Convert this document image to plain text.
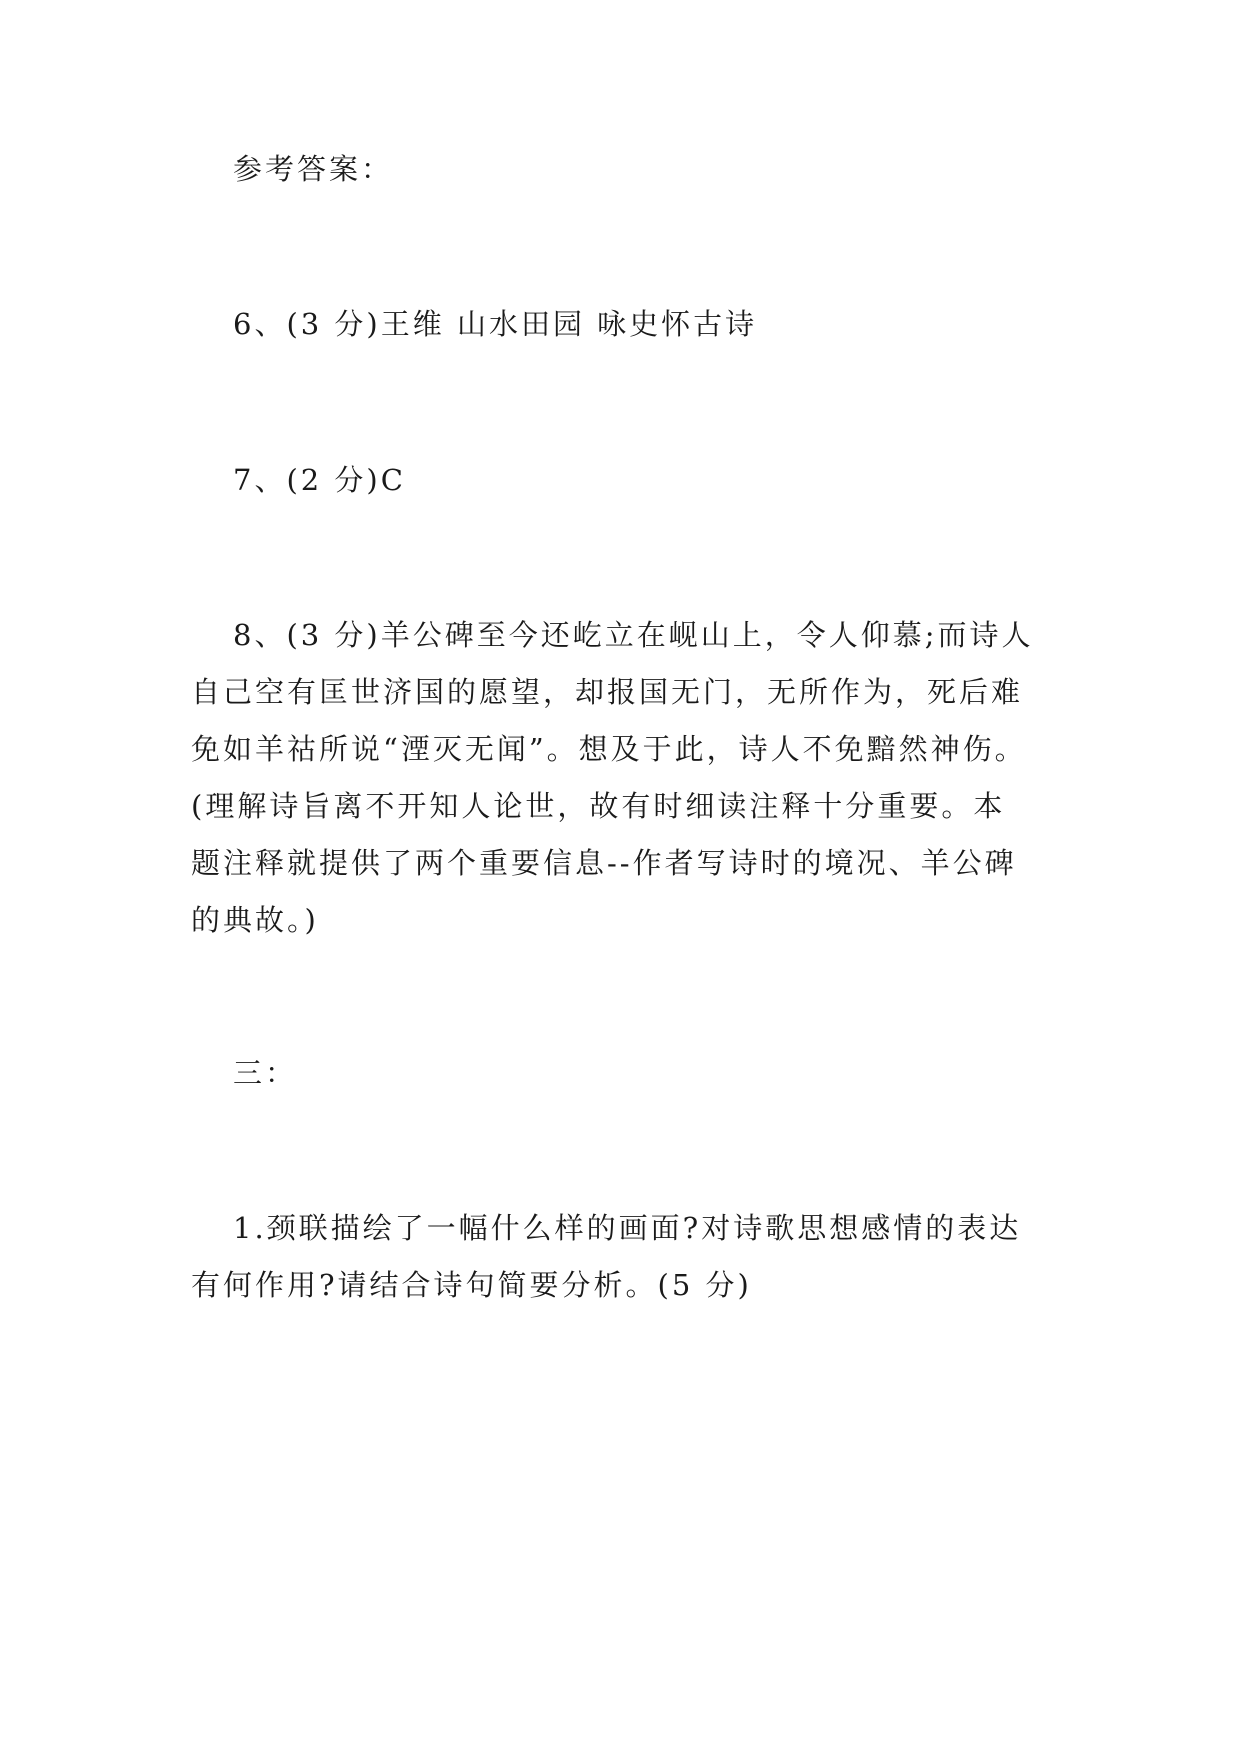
参考答案：

6、(3 分)王维 山水田园 咏史怀古诗

7、(2 分)C

8、(3 分)羊公碑至今还屹立在岘山上，令人仰慕;而诗人
自己空有匡世济国的愿望，却报国无门，无所作为，死后难
免如羊祜所说“湮灭无闻”。想及于此，诗人不免黯然神伤。
(理解诗旨离不开知人论世，故有时细读注释十分重要。本
题注释就提供了两个重要信息--作者写诗时的境况、羊公碑
的典故。)

三：

1.颈联描绘了一幅什么样的画面?对诗歌思想感情的表达
有何作用?请结合诗句简要分析。(5 分)
